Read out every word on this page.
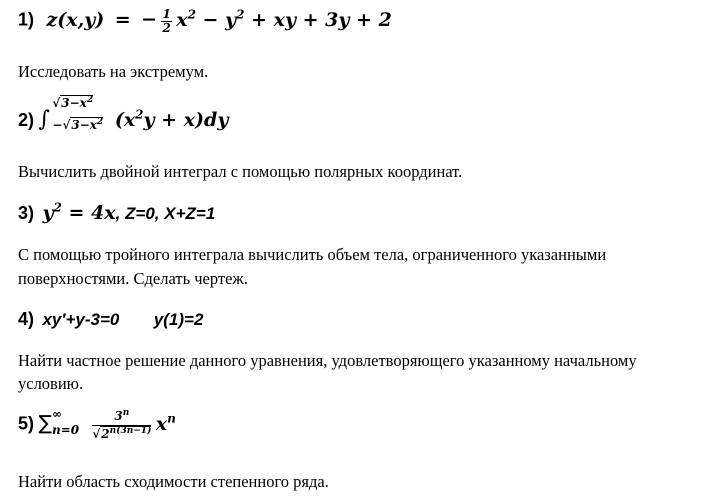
1) z(x,y) = − $\frac{1}{2} x^2 - y^2$ + xy + 3y + 2
Исследовать на экстремум.
2) ∫
$√3-x^2$
$-√3-x^2$ $(x^2y + x)dy$
Вычислить двойной интеграл с помощью полярных координат.
3) $y^2 = 4x$, Z=0, X+Z=1
С помощью тройного интеграла вычислить объем тела, ограниченного указанными
поверхностями. Сделать чертеж.
4) xy′+y-3=0 y(1)=2
Найти частное решение данного уравнения, удовлетворяющего указанному начальному
условию.
5) ∑ ∞
n=0
$\frac{3^n}{√2^{n(3n-1)}} x^n$
Найти область сходимости степенного ряда.
